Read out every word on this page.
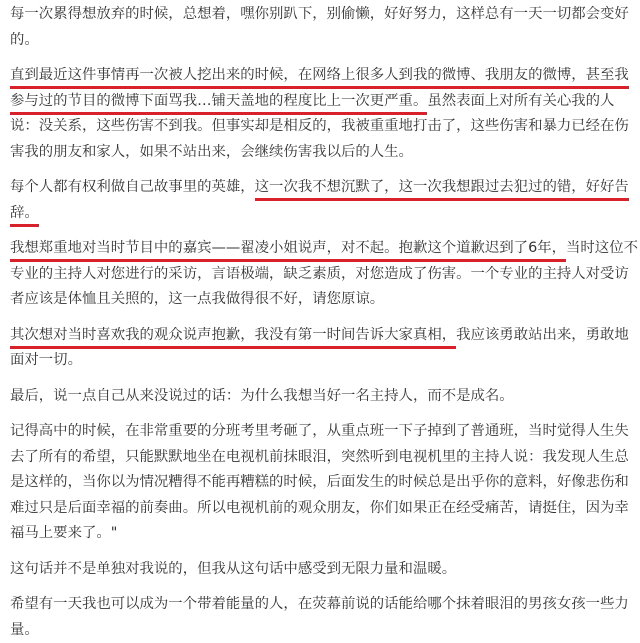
每一次累得想放弃的时候，总想着，嘿你别趴下，别偷懒，好好努力，这样总有一天一切都会变好
的。
直到最近这件事情再一次被人挖出来的时候，在网络上很多人到我的微博、我朋友的微博，甚至我
参与过的节目的微博下面骂我…铺天盖地的程度比上一次更严重。虽然表面上对所有关心我的人
说：没关系，这些伤害不到我。但事实却是相反的，我被重重地打击了，这些伤害和暴力已经在伤
害我的朋友和家人，如果不站出来，会继续伤害我以后的人生。
每个人都有权利做自己故事里的英雄，这一次我不想沉默了，这一次我想跟过去犯过的错，好好告
辞。
我想郑重地对当时节目中的嘉宾——翟凌小姐说声，对不起。抱歉这个道歉迟到了6年，当时这位不
专业的主持人对您进行的采访，言语极端，缺乏素质，对您造成了伤害。一个专业的主持人对受访
者应该是体恤且关照的，这一点我做得很不好，请您原谅。
其次想对当时喜欢我的观众说声抱歉，我没有第一时间告诉大家真相，我应该勇敢站出来，勇敢地
面对一切。
最后，说一点自己从来没说过的话：为什么我想当好一名主持人，而不是成名。
记得高中的时候，在非常重要的分班考里考砸了，从重点班一下子掉到了普通班，当时觉得人生失
去了所有的希望，只能默默地坐在电视机前抹眼泪，突然听到电视机里的主持人说：我发现人生总
是这样的，当你以为情况糟得不能再糟糕的时候，后面发生的时候总是出乎你的意料，好像悲伤和
难过只是后面幸福的前奏曲。所以电视机前的观众朋友，你们如果正在经受痛苦，请挺住，因为幸
福马上要来了。"
这句话并不是单独对我说的，但我从这句话中感受到无限力量和温暖。
希望有一天我也可以成为一个带着能量的人，在荧幕前说的话能给哪个抹着眼泪的男孩女孩一些力
量。
